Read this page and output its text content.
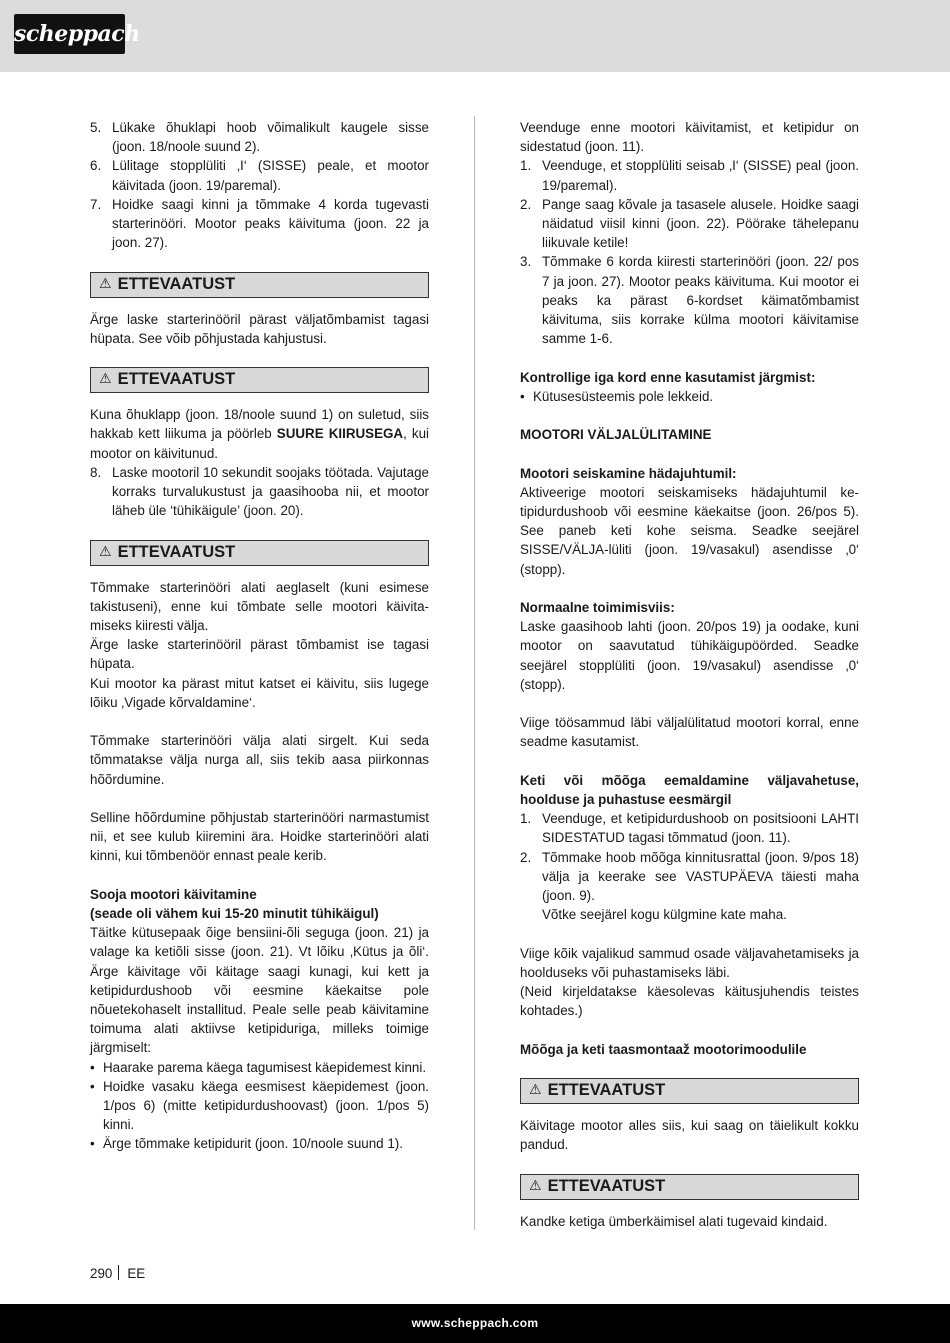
scheppach
5. Lükake õhuklapi hoob võimalikult kaugele sisse (joon. 18/noole suund 2).
6. Lülitage stopplüliti ‚I‘ (SISSE) peale, et mootor käivitada (joon. 19/paremal).
7. Hoidke saagi kinni ja tõmmake 4 korda tugevasti starterinööri. Mootor peaks käivituma (joon. 22 ja joon. 27).
⚠ ETTEVAATUST

Ärge laske starterinööril pärast väljatõmbamist tagasi hüpata. See võib põhjustada kahjustusi.

⚠ ETTEVAATUST

Kuna õhuklapp (joon. 18/noole suund 1) on suletud, siis hakkab kett liikuma ja pöörleb SUURE KIIRUSEGA, kui mootor on käivitunud.

8. Laske mootoril 10 sekundit soojaks töötada. Vajutage korraks turvalukustust ja gaasihooba nii, et mootor läheb üle ‘tühikäigule’ (joon. 20).
⚠ ETTEVAATUST

Tõmmake starterinööri alati aeglaselt (kuni esimese takistuseni), enne kui tõmbate selle mootori käivitamiseks kiiresti välja.

Ärge laske starterinööril pärast tõmbamist ise tagasi hüpata.

Kui mootor ka pärast mitut katset ei käivitu, siis lugege lõiku ‚Vigade kõrvaldamine‘.

Tõmmake starterinööri välja alati sirgelt. Kui seda tõmmatakse välja nurga all, siis tekib aasa piirkonnas hõõrdumine.

Selline hõõrdumine põhjustab starterinööri narmastumist nii, et see kulub kiiremini ära. Hoidke starterinööri alati kinni, kui tõmbenöör ennast peale kerib.

Sooja mootori käivitamine

(seade oli vähem kui 15-20 minutit tühikäigul)

Täitke kütusepaak õige bensiini-õli seguga (joon. 21) ja valage ka ketiõli sisse (joon. 21). Vt lõiku ‚Kütus ja õli‘. Ärge käivitage või käitage saagi kunagi, kui kett ja ketipidurdushoob või eesmine käekaitse pole nõuetekohaselt installitud. Peale selle peab käivitamine toimuma alati aktiivse ketipiduriga, milleks toimige järgmiselt:

• Haarake parema käega tagumisest käepidemest kinni.
• Hoidke vasaku käega eesmisest käepidemest (joon. 1/pos 6) (mitte ketipidurdushoovast) (joon. 1/pos 5) kinni.
• Ärge tõmmake ketipidurit (joon. 10/noole suund 1).

Veenduge enne mootori käivitamist, et ketipidur on sidestatud (joon. 11).

1. Veenduge, et stopplüliti seisab ‚I‘ (SISSE) peal (joon. 19/paremal).
2. Pange saag kõvale ja tasasele alusele. Hoidke saagi näidatud viisil kinni (joon. 22). Pöörake tähelepanu liikuvale ketile!
3. Tõmmake 6 korda kiiresti starterinööri (joon. 22/ pos 7 ja joon. 27). Mootor peaks käivituma. Kui mootor ei peaks ka pärast 6-kordset käimatõmbamist käivituma, siis korrake külma mootori käivitamise samme 1-6.

Kontrollige iga kord enne kasutamist järgmist:

• Kütusesüsteemis pole lekkeid.

MOOTORI VÄLJALÜLITAMINE

Mootori seiskamine hädajuhtumil:

Aktiveerige mootori seiskamiseks hädajuhtumil ketipidurdushoob või eesmine käekaitse (joon. 26/pos 5). See paneb keti kohe seisma. Seadke seejärel SISSE/VÄLJA-lüliti (joon. 19/vasakul) asendisse ‚0‘ (stopp).

Normaalne toimimisviis:

Laske gaasihoob lahti (joon. 20/pos 19) ja oodake, kuni mootor on saavutatud tühikäigupöörded. Seadke seejärel stopplüliti (joon. 19/vasakul) asendisse ‚0‘ (stopp).

Viige töösammud läbi väljalülitatud mootori korral, enne seadme kasutamist.

Keti või mõõga eemaldamine väljavahetuse, hoolduse ja puhastuse eesmärgil

1. Veenduge, et ketipidurdushoob on positsiooni LAHTI SIDESTATUD tagasi tõmmatud (joon. 11).
2. Tõmmake hoob mõõga kinnitusrattal (joon. 9/pos 18) välja ja keerake see VASTUPÄEVA täiesti maha (joon. 9).
Võtke seejärel kogu külgmine kate maha.

Viige kõik vajalikud sammud osade väljavahetamiseks ja hoolduseks või puhastamiseks läbi.

(Neid kirjeldatakse käesolevas käitusjuhendis teistes kohtades.)

Mõõga ja keti taasmontaaž mootorimoodulile

⚠ ETTEVAATUST

Käivitage mootor alles siis, kui saag on täielikult kokku pandud.

⚠ ETTEVAATUST

Kandke ketiga ümberkäimisel alati tugevaid kindaid.

290 EE
www.scheppach.com
